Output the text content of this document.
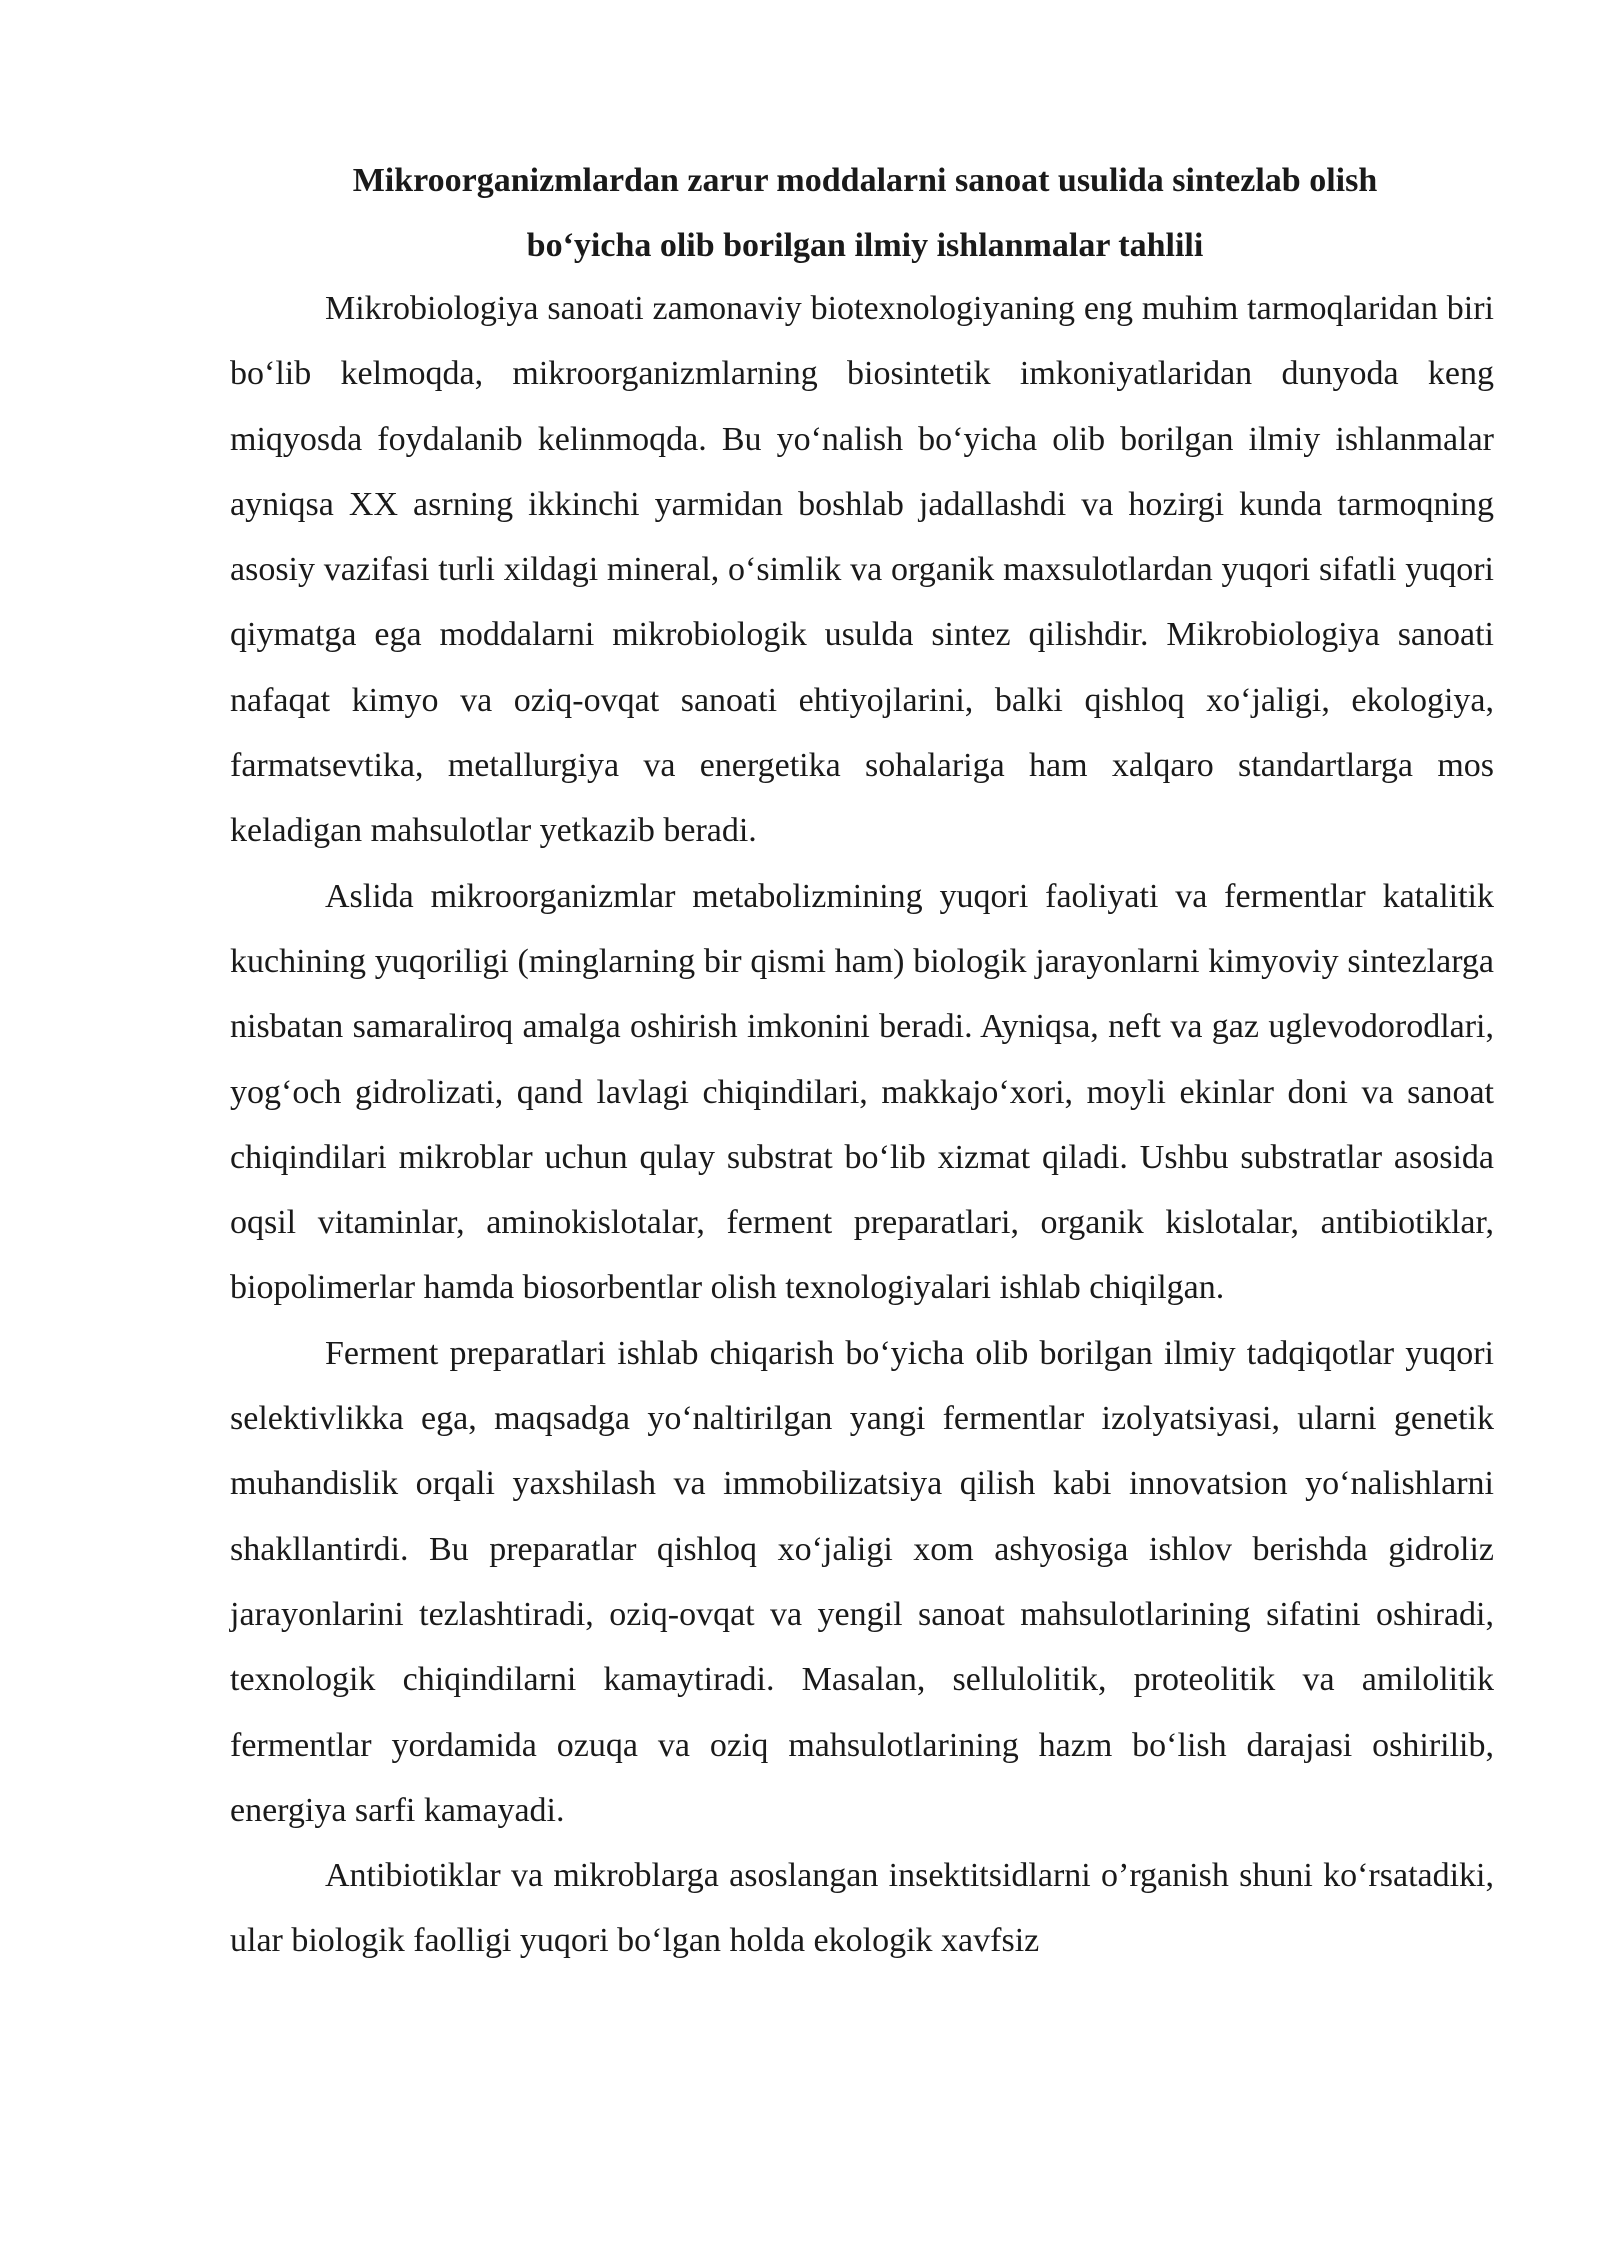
Mikroorganizmlardan zarur moddalarni sanoat usulida sintezlab olish
bo‘yicha olib borilgan ilmiy ishlanmalar tahlili

Mikrobiologiya sanoati zamonaviy biotexnologiyaning eng muhim tarmoqlaridan biri bo‘lib kelmoqda, mikroorganizmlarning biosintetik imkoniyatlaridan dunyoda keng miqyosda foydalanib kelinmoqda. Bu yo‘nalish bo‘yicha olib borilgan ilmiy ishlanmalar ayniqsa XX asrning ikkinchi yarmidan boshlab jadallashdi va hozirgi kunda tarmoqning asosiy vazifasi turli xildagi mineral, o‘simlik va organik maxsulotlardan yuqori sifatli yuqori qiymatga ega moddalarni mikrobiologik usulda sintez qilishdir. Mikrobiologiya sanoati nafaqat kimyo va oziq-ovqat sanoati ehtiyojlarini, balki qishloq xo‘jaligi, ekologiya, farmatsevtika, metallurgiya va energetika sohalariga ham xalqaro standartlarga mos keladigan mahsulotlar yetkazib beradi.

Aslida mikroorganizmlar metabolizmining yuqori faoliyati va fermentlar katalitik kuchining yuqoriligi (minglarning bir qismi ham) biologik jarayonlarni kimyoviy sintezlarga nisbatan samaraliroq amalga oshirish imkonini beradi. Ayniqsa, neft va gaz uglevodorodlari, yog‘och gidrolizati, qand lavlagi chiqindilari, makkajo‘xori, moyli ekinlar doni va sanoat chiqindilari mikroblar uchun qulay substrat bo‘lib xizmat qiladi. Ushbu substratlar asosida oqsil vitaminlar, aminokislotalar, ferment preparatlari, organik kislotalar, antibiotiklar, biopolimerlar hamda biosorbentlar olish texnologiyalari ishlab chiqilgan.

Ferment preparatlari ishlab chiqarish bo‘yicha olib borilgan ilmiy tadqiqotlar yuqori selektivlikka ega, maqsadga yo‘naltirilgan yangi fermentlar izolyatsiyasi, ularni genetik muhandislik orqali yaxshilash va immobilizatsiya qilish kabi innovatsion yo‘nalishlarni shakllantirdi. Bu preparatlar qishloq xo‘jaligi xom ashyosiga ishlov berishda gidroliz jarayonlarini tezlashtiradi, oziq-ovqat va yengil sanoat mahsulotlarining sifatini oshiradi, texnologik chiqindilarni kamaytiradi. Masalan, sellulolitik, proteolitik va amilolitik fermentlar yordamida ozuqa va oziq mahsulotlarining hazm bo‘lish darajasi oshirilib, energiya sarfi kamayadi.

Antibiotiklar va mikroblarga asoslangan insektitsidlarni o’rganish shuni ko‘rsatadiki, ular biologik faolligi yuqori bo‘lgan holda ekologik xavfsiz
